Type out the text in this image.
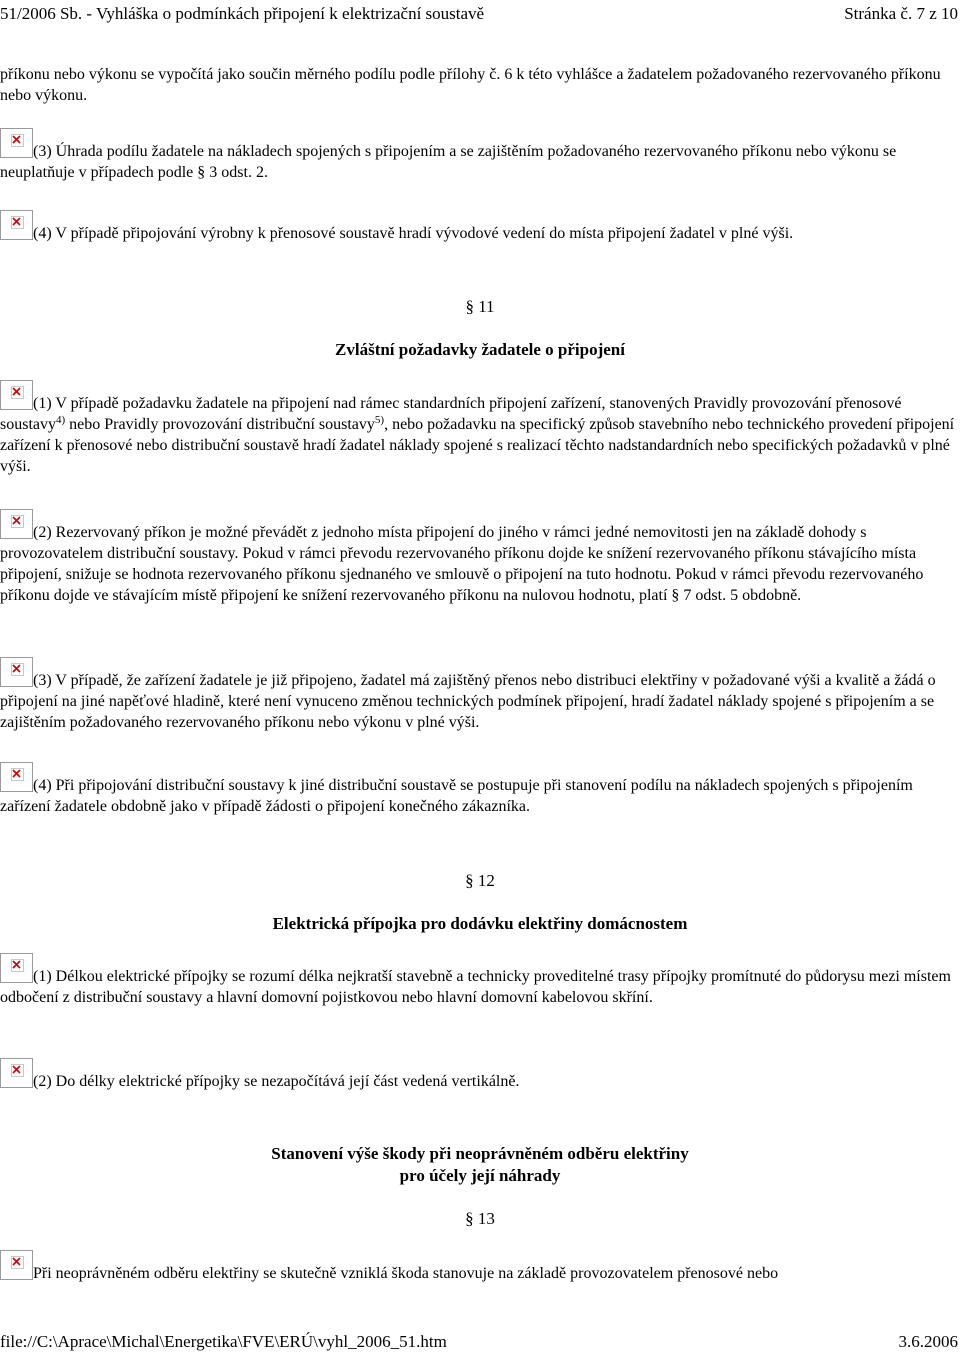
51/2006 Sb. - Vyhláška o podmínkách připojení k elektrizační soustavě	Stránka č. 7 z 10

příkonu nebo výkonu se vypočítá jako součin měrného podílu podle přílohy č. 6 k této vyhlášce a žadatelem požadovaného rezervovaného příkonu nebo výkonu.

(3) Úhrada podílu žadatele na nákladech spojených s připojením a se zajištěním požadovaného rezervovaného příkonu nebo výkonu se neuplatňuje v případech podle § 3 odst. 2.

(4) V případě připojování výrobny k přenosové soustavě hradí vývodové vedení do místa připojení žadatel v plné výši.

§ 11
Zvláštní požadavky žadatele o připojení

(1) V případě požadavku žadatele na připojení nad rámec standardních připojení zařízení, stanovených Pravidly provozování přenosové soustavy$^{4)}$ nebo Pravidly provozování distribuční soustavy$^{5)}$, nebo požadavku na specifický způsob stavebního nebo technického provedení připojení zařízení k přenosové nebo distribuční soustavě hradí žadatel náklady spojené s realizací těchto nadstandardních nebo specifických požadavků v plné výši.

(2) Rezervovaný příkon je možné převádět z jednoho místa připojení do jiného v rámci jedné nemovitosti jen na základě dohody s provozovatelem distribuční soustavy. Pokud v rámci převodu rezervovaného příkonu dojde ke snížení rezervovaného příkonu stávajícího místa připojení, snižuje se hodnota rezervovaného příkonu sjednaného ve smlouvě o připojení na tuto hodnotu. Pokud v rámci převodu rezervovaného příkonu dojde ve stávajícím místě připojení ke snížení rezervovaného příkonu na nulovou hodnotu, platí § 7 odst. 5 obdobně.

(3) V případě, že zařízení žadatele je již připojeno, žadatel má zajištěný přenos nebo distribuci elektřiny v požadované výši a kvalitě a žádá o připojení na jiné napěťové hladině, které není vynuceno změnou technických podmínek připojení, hradí žadatel náklady spojené s připojením a se zajištěním požadovaného rezervovaného příkonu nebo výkonu v plné výši.

(4) Při připojování distribuční soustavy k jiné distribuční soustavě se postupuje při stanovení podílu na nákladech spojených s připojením zařízení žadatele obdobně jako v případě žádosti o připojení konečného zákazníka.

§ 12
Elektrická přípojka pro dodávku elektřiny domácnostem

(1) Délkou elektrické přípojky se rozumí délka nejkratší stavebně a technicky proveditelné trasy přípojky promítnuté do půdorysu mezi místem odbočení z distribuční soustavy a hlavní domovní pojistkovou nebo hlavní domovní kabelovou skříní.

(2) Do délky elektrické přípojky se nezapočítává její část vedená vertikálně.

Stanovení výše škody při neoprávněném odběru elektřiny
pro účely její náhrady
§ 13

Při neoprávněném odběru elektřiny se skutečně vzniklá škoda stanovuje na základě provozovatelem přenosové nebo

file://C:\Aprace\Michal\Energetika\FVE\ERÚ\vyhl_2006_51.htm	3.6.2006
